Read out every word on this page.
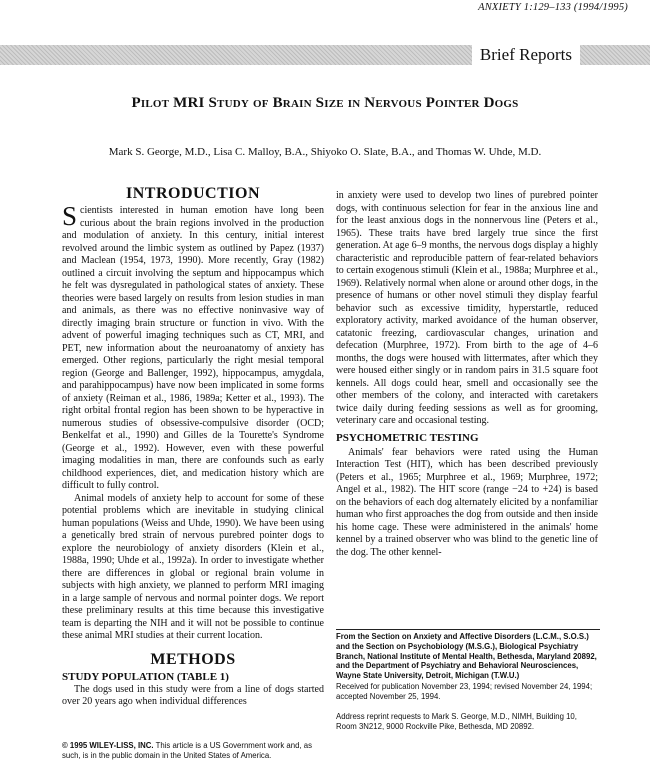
ANXIETY 1:129–133 (1994/1995)
Brief Reports
Pilot MRI Study of Brain Size in Nervous Pointer Dogs
Mark S. George, M.D., Lisa C. Malloy, B.A., Shiyoko O. Slate, B.A., and Thomas W. Uhde, M.D.
INTRODUCTION

Scientists interested in human emotion have long been curious about the brain regions involved in the production and modulation of anxiety. In this century, initial interest revolved around the limbic system as outlined by Papez (1937) and Maclean (1954, 1973, 1990). More recently, Gray (1982) outlined a circuit involving the septum and hippocampus which he felt was dysregulated in pathological states of anxiety. These theories were based largely on results from lesion studies in man and animals, as there was no effective noninvasive way of directly imaging brain structure or function in vivo. With the advent of powerful imaging techniques such as CT, MRI, and PET, new information about the neuroanatomy of anxiety has emerged. Other regions, particularly the right mesial temporal region (George and Ballenger, 1992), hippocampus, amygdala, and parahippocampus) have now been implicated in some forms of anxiety (Reiman et al., 1986, 1989a; Ketter et al., 1993). The right orbital frontal region has been shown to be hyperactive in numerous studies of obsessive-compulsive disorder (OCD; Benkelfat et al., 1990) and Gilles de la Tourette's Syndrome (George et al., 1992). However, even with these powerful imaging modalities in man, there are confounds such as early childhood experiences, diet, and medication history which are difficult to fully control.

Animal models of anxiety help to account for some of these potential problems which are inevitable in studying clinical human populations (Weiss and Uhde, 1990). We have been using a genetically bred strain of nervous purebred pointer dogs to explore the neurobiology of anxiety disorders (Klein et al., 1988a, 1990; Uhde et al., 1992a). In order to investigate whether there are differences in global or regional brain volume in subjects with high anxiety, we planned to perform MRI imaging in a large sample of nervous and normal pointer dogs. We report these preliminary results at this time because this investigative team is departing the NIH and it will not be possible to continue these animal MRI studies at their current location.

METHODS
STUDY POPULATION (TABLE 1)

The dogs used in this study were from a line of dogs started over 20 years ago when individual differences

in anxiety were used to develop two lines of purebred pointer dogs, with continuous selection for fear in the anxious line and for the least anxious dogs in the nonnervous line (Peters et al., 1965). These traits have bred largely true since the first generation. At age 6–9 months, the nervous dogs display a highly characteristic and reproducible pattern of fear-related behaviors to certain exogenous stimuli (Klein et al., 1988a; Murphree et al., 1969). Relatively normal when alone or around other dogs, in the presence of humans or other novel stimuli they display fearful behavior such as excessive timidity, hyperstartle, reduced exploratory activity, marked avoidance of the human observer, catatonic freezing, cardiovascular changes, urination and defecation (Murphree, 1972). From birth to the age of 4–6 months, the dogs were housed with littermates, after which they were housed either singly or in random pairs in 31.5 square foot kennels. All dogs could hear, smell and occasionally see the other members of the colony, and interacted with caretakers twice daily during feeding sessions as well as for grooming, veterinary care and occasional testing.

PSYCHOMETRIC TESTING

Animals' fear behaviors were rated using the Human Interaction Test (HIT), which has been described previously (Peters et al., 1965; Murphree et al., 1969; Murphree, 1972; Angel et al., 1982). The HIT score (range −24 to +24) is based on the behaviors of each dog alternately elicited by a nonfamiliar human who first approaches the dog from outside and then inside his home cage. These were administered in the animals' home kennel by a trained observer who was blind to the genetic line of the dog. The other kennel-

From the Section on Anxiety and Affective Disorders (L.C.M., S.O.S.) and the Section on Psychobiology (M.S.G.), Biological Psychiatry Branch, National Institute of Mental Health, Bethesda, Maryland 20892, and the Department of Psychiatry and Behavioral Neurosciences, Wayne State University, Detroit, Michigan (T.W.U.)
Received for publication November 23, 1994; revised November 24, 1994; accepted November 25, 1994.
Address reprint requests to Mark S. George, M.D., NIMH, Building 10, Room 3N212, 9000 Rockville Pike, Bethesda, MD 20892.
© 1995 WILEY-LISS, INC. This article is a US Government work and, as such, is in the public domain in the United States of America.
